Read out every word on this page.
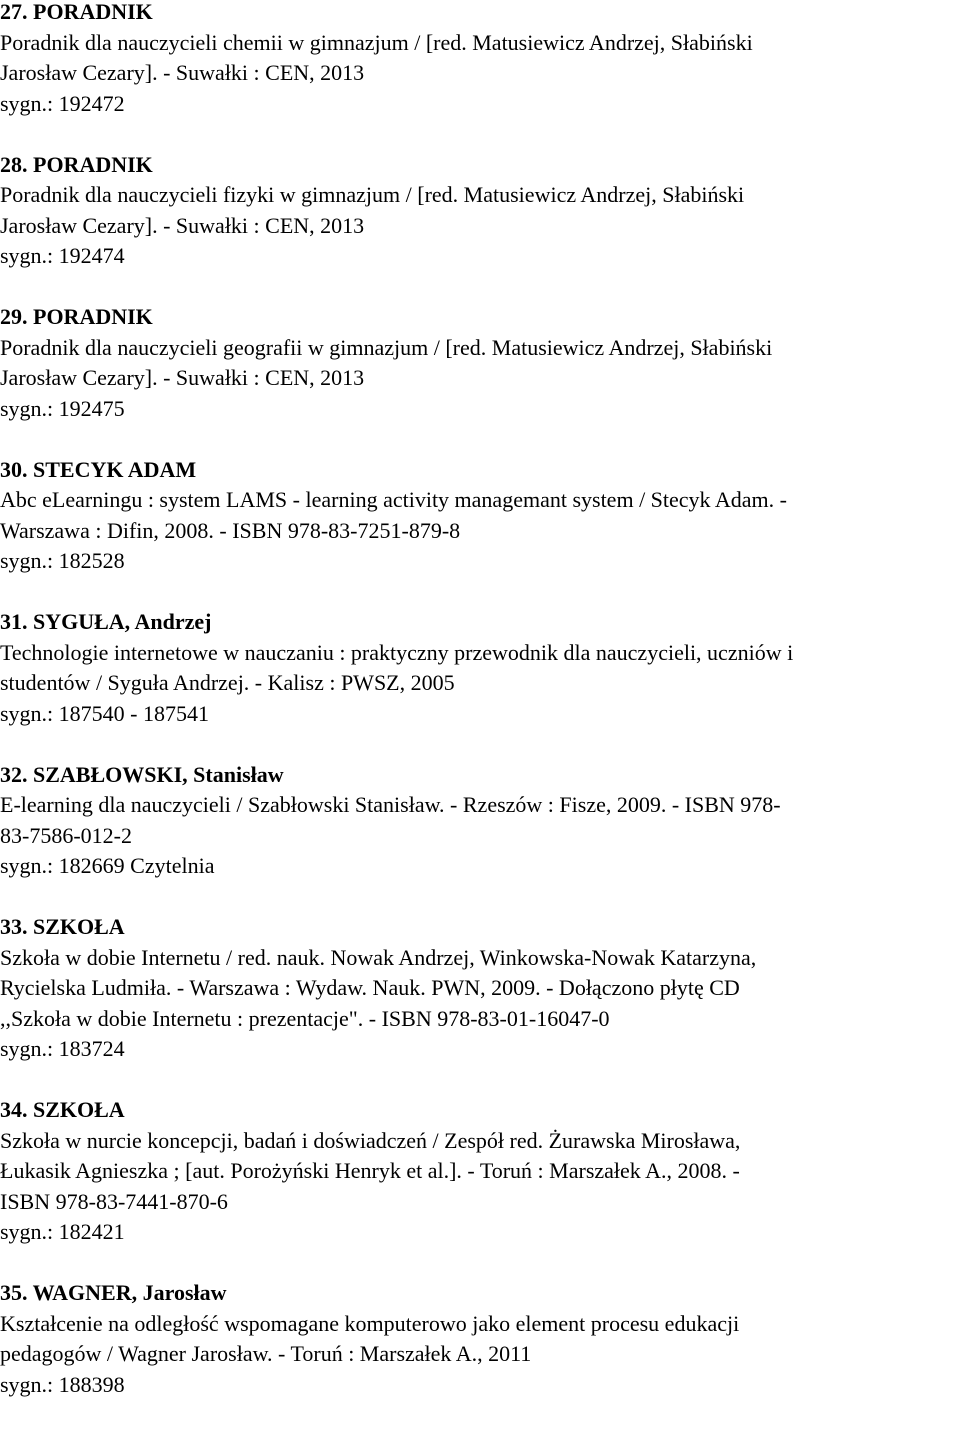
27. PORADNIK
Poradnik dla nauczycieli chemii w gimnazjum / [red. Matusiewicz Andrzej, Słabiński
Jarosław Cezary]. - Suwałki : CEN, 2013
sygn.: 192472
28. PORADNIK
Poradnik dla nauczycieli fizyki w gimnazjum / [red. Matusiewicz Andrzej, Słabiński
Jarosław Cezary]. - Suwałki : CEN, 2013
sygn.: 192474
29. PORADNIK
Poradnik dla nauczycieli geografii w gimnazjum / [red. Matusiewicz Andrzej, Słabiński
Jarosław Cezary]. - Suwałki : CEN, 2013
sygn.: 192475
30. STECYK ADAM
Abc eLearningu : system LAMS - learning activity managemant system / Stecyk Adam. -
Warszawa : Difin, 2008. - ISBN 978-83-7251-879-8
sygn.: 182528
31. SYGUŁA, Andrzej
Technologie internetowe w nauczaniu : praktyczny przewodnik dla nauczycieli, uczniów i
studentów / Syguła Andrzej. - Kalisz : PWSZ, 2005
sygn.: 187540 - 187541
32. SZABŁOWSKI, Stanisław
E-learning dla nauczycieli / Szabłowski Stanisław. - Rzeszów : Fisze, 2009. - ISBN 978-
83-7586-012-2
sygn.: 182669 Czytelnia
33. SZKOŁA
Szkoła w dobie Internetu / red. nauk. Nowak Andrzej, Winkowska-Nowak Katarzyna,
Rycielska Ludmiła. - Warszawa : Wydaw. Nauk. PWN, 2009. - Dołączono płytę CD
,,Szkoła w dobie Internetu : prezentacje". - ISBN 978-83-01-16047-0
sygn.: 183724
34. SZKOŁA
Szkoła w nurcie koncepcji, badań i doświadczeń / Zespół red. Żurawska Mirosława,
Łukasik Agnieszka ; [aut. Porożyński Henryk et al.]. - Toruń : Marszałek A., 2008. -
ISBN 978-83-7441-870-6
sygn.: 182421
35. WAGNER, Jarosław
Kształcenie na odległość wspomagane komputerowo jako element procesu edukacji
pedagogów / Wagner Jarosław. - Toruń : Marszałek A., 2011
sygn.: 188398
